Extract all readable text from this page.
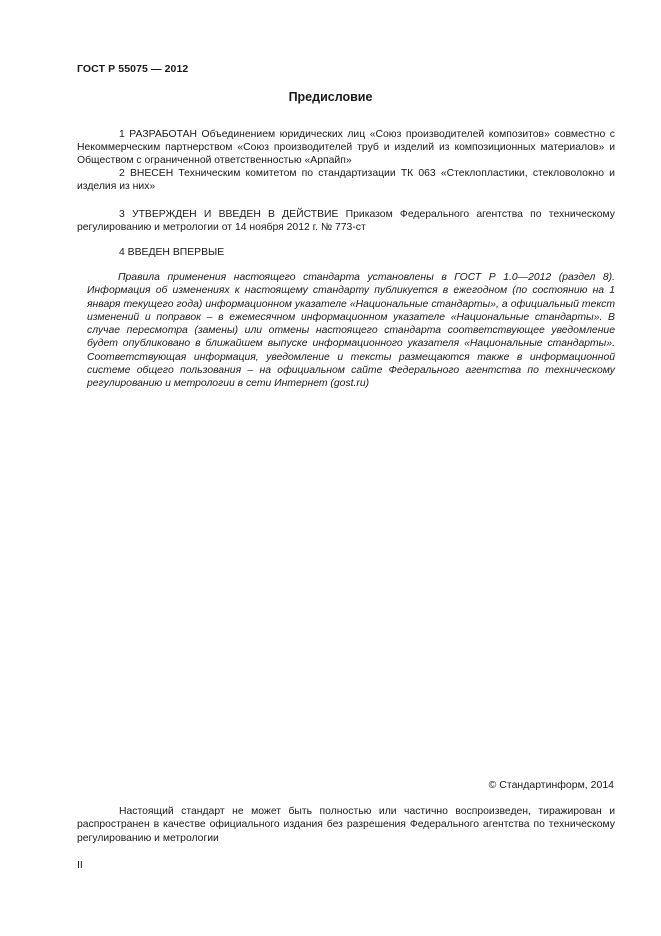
ГОСТ Р 55075 — 2012
Предисловие

1 РАЗРАБОТАН Объединением юридических лиц «Союз производителей композитов» совместно с Некоммерческим партнерством «Союз производителей труб и изделий из композиционных материалов» и Обществом с ограниченной ответственностью «Арпайп»

2 ВНЕСЕН Техническим комитетом по стандартизации ТК 063 «Стеклопластики, стекловолокно и изделия из них»

3 УТВЕРЖДЕН И ВВЕДЕН В ДЕЙСТВИЕ Приказом Федерального агентства по техническому регулированию и метрологии от 14 ноября 2012 г. № 773-ст

4 ВВЕДЕН ВПЕРВЫЕ

Правила применения настоящего стандарта установлены в ГОСТ Р 1.0—2012 (раздел 8). Информация об изменениях к настоящему стандарту публикуется в ежегодном (по состоянию на 1 января текущего года) информационном указателе «Национальные стандарты», а официальный текст изменений и поправок – в ежемесячном информационном указателе «Национальные стандарты». В случае пересмотра (замены) или отмены настоящего стандарта соответствующее уведомление будет опубликовано в ближайшем выпуске информационного указателя «Национальные стандарты». Соответствующая информация, уведомление и тексты размещаются также в информационной системе общего пользования – на официальном сайте Федерального агентства по техническому регулированию и метрологии в сети Интернет (gost.ru)

© Стандартинформ, 2014

Настоящий стандарт не может быть полностью или частично воспроизведен, тиражирован и распространен в качестве официального издания без разрешения Федерального агентства по техническому регулированию и метрологии

II
